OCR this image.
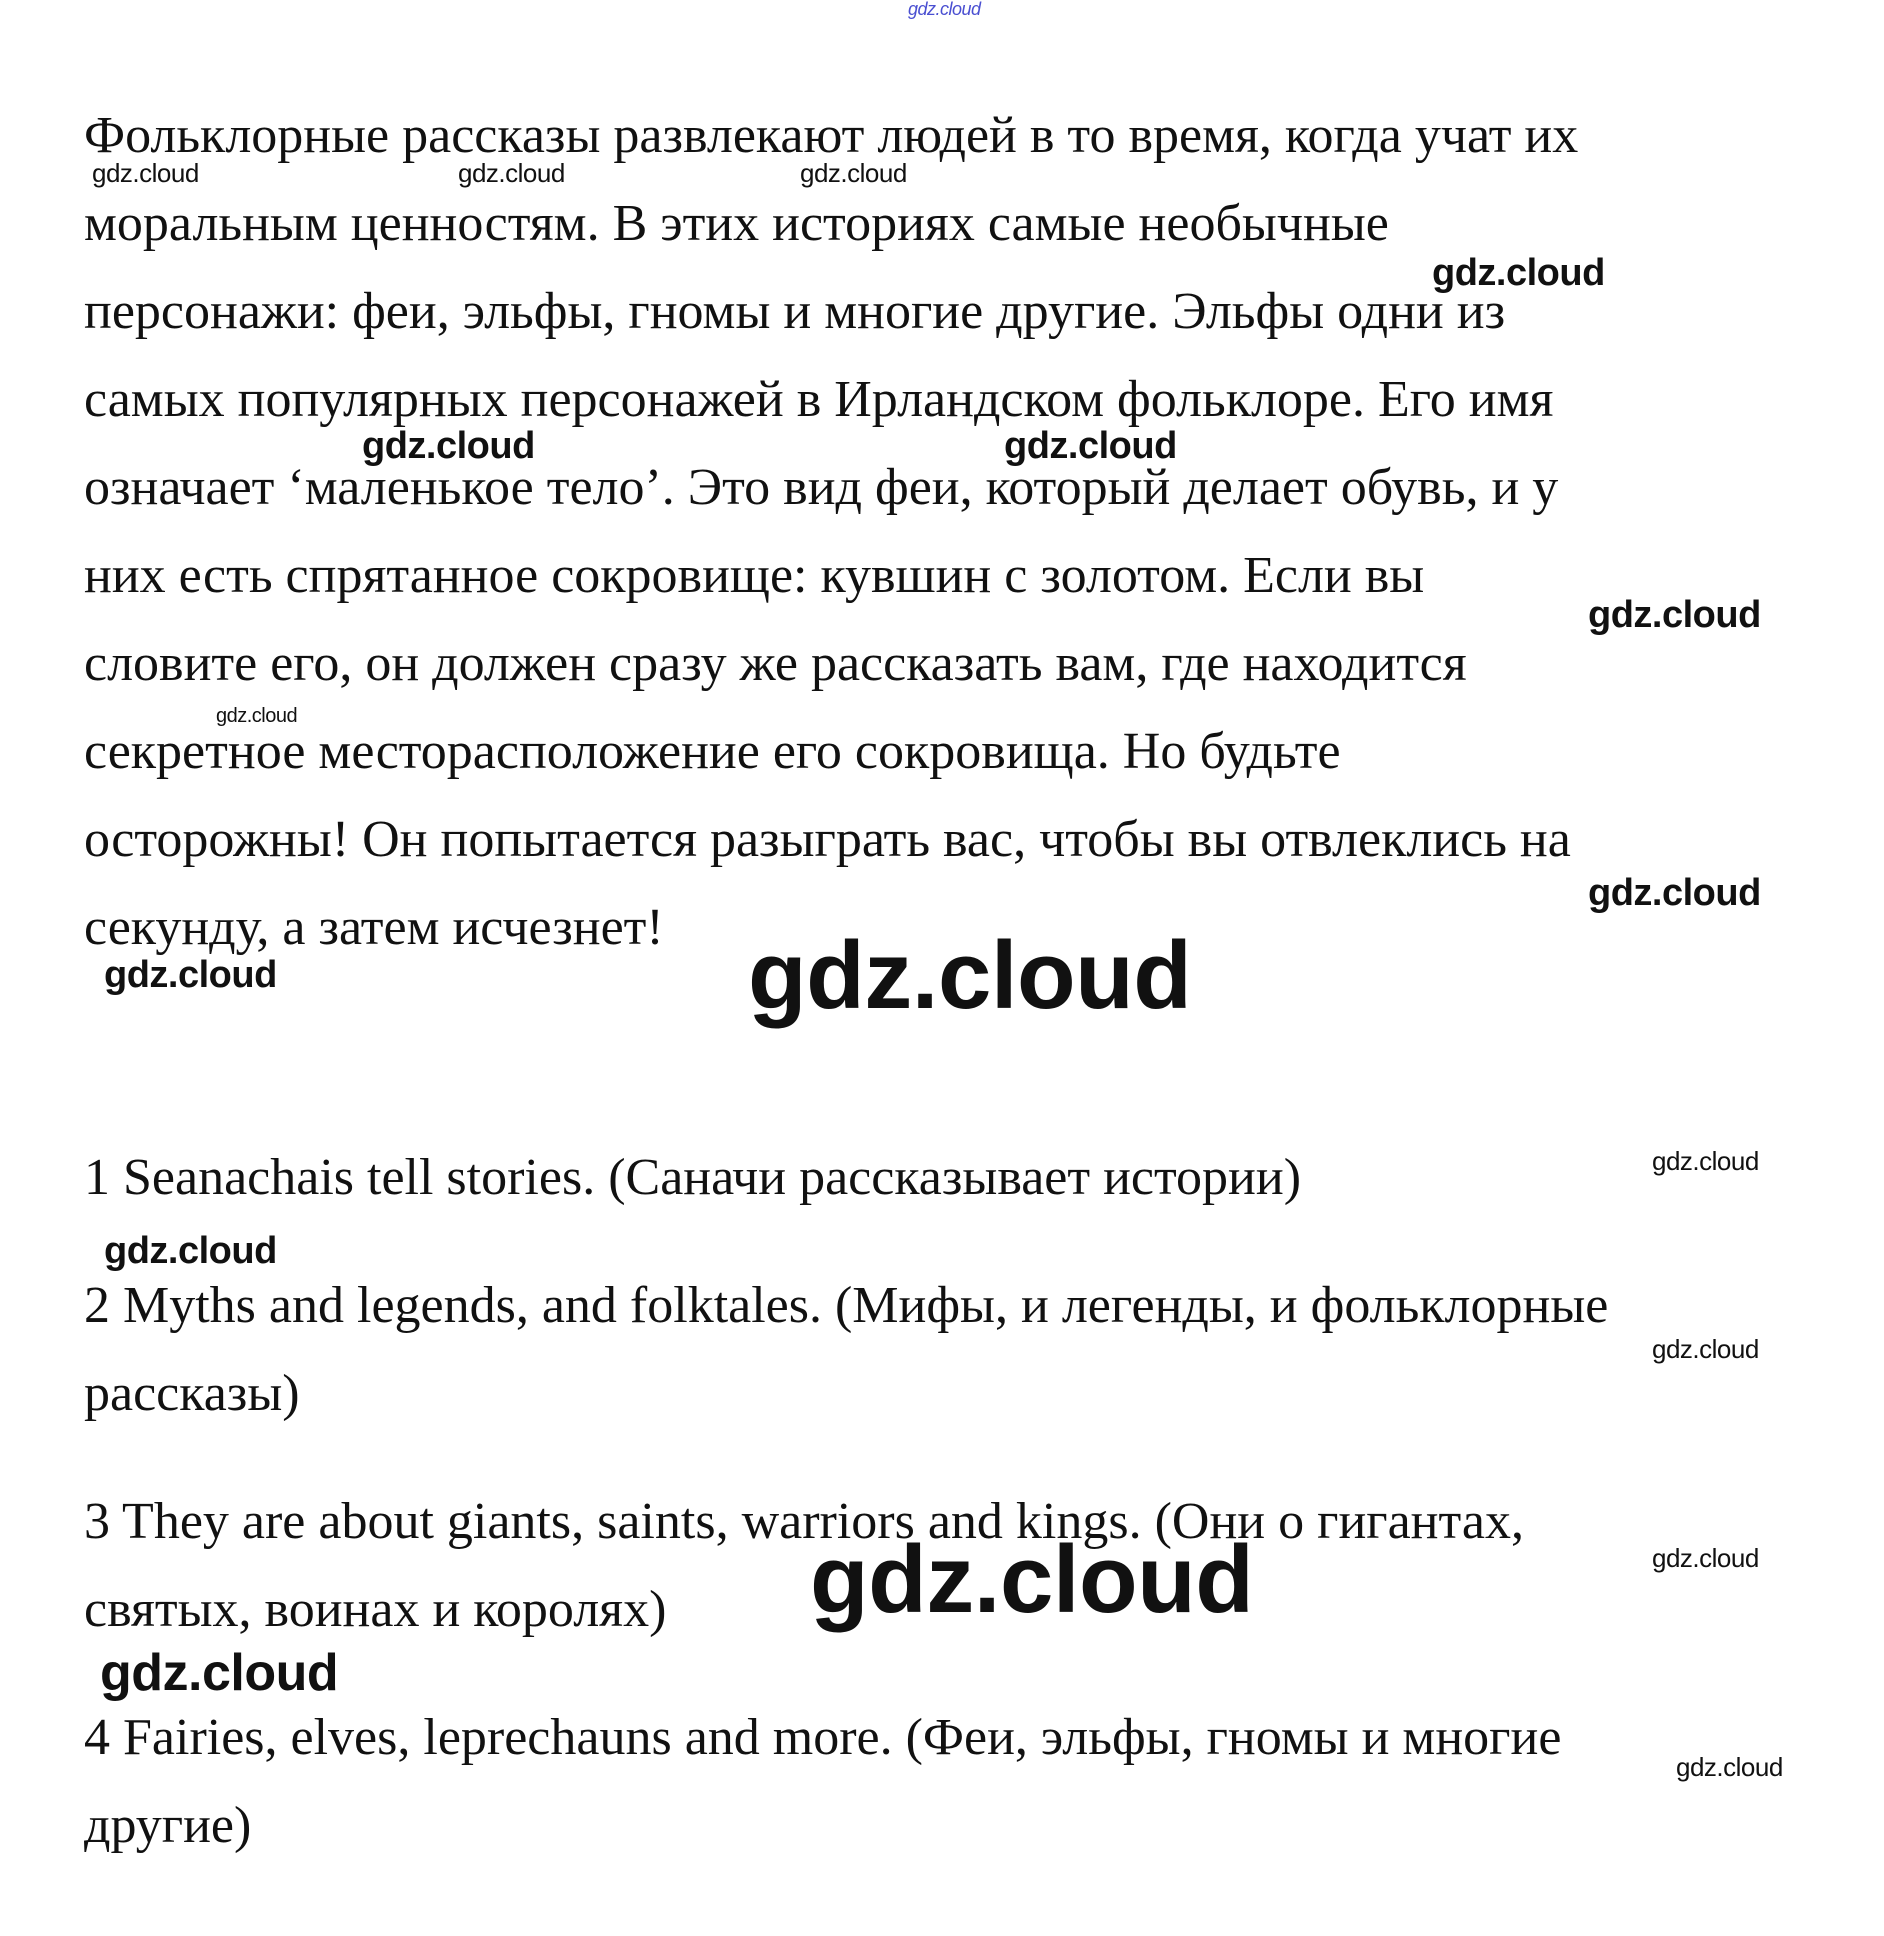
gdz.cloud

Фольклорные рассказы развлекают людей в то время, когда учат их

моральным ценностям. В этих историях самые необычные

персонажи: феи, эльфы, гномы и многие другие. Эльфы одни из

самых популярных персонажей в Ирландском фольклоре. Его имя

означает ‘маленькое тело’. Это вид феи, который делает обувь, и у

них есть спрятанное сокровище: кувшин с золотом. Если вы

словите его, он должен сразу же рассказать вам, где находится

секретное месторасположение его сокровища. Но будьте

осторожны! Он попытается разыграть вас, чтобы вы отвлеклись на

секунду, а затем исчезнет!

1 Seanachais tell stories. (Саначи рассказывает истории)

2 Myths and legends, and folktales. (Мифы, и легенды, и фольклорные

рассказы)

3 They are about giants, saints, warriors and kings. (Они о гигантах,

святых, воинах и королях)

4 Fairies, elves, leprechauns and more. (Феи, эльфы, гномы и многие

другие)

gdz.cloud	gdz.cloud	gdz.cloud
gdz.cloud
gdz.cloud	gdz.cloud
gdz.cloud
gdz.cloud
gdz.cloud
gdz.cloud	gdz.cloud
gdz.cloud
gdz.cloud
gdz.cloud
gdz.cloud	gdz.cloud
gdz.cloud
gdz.cloud
